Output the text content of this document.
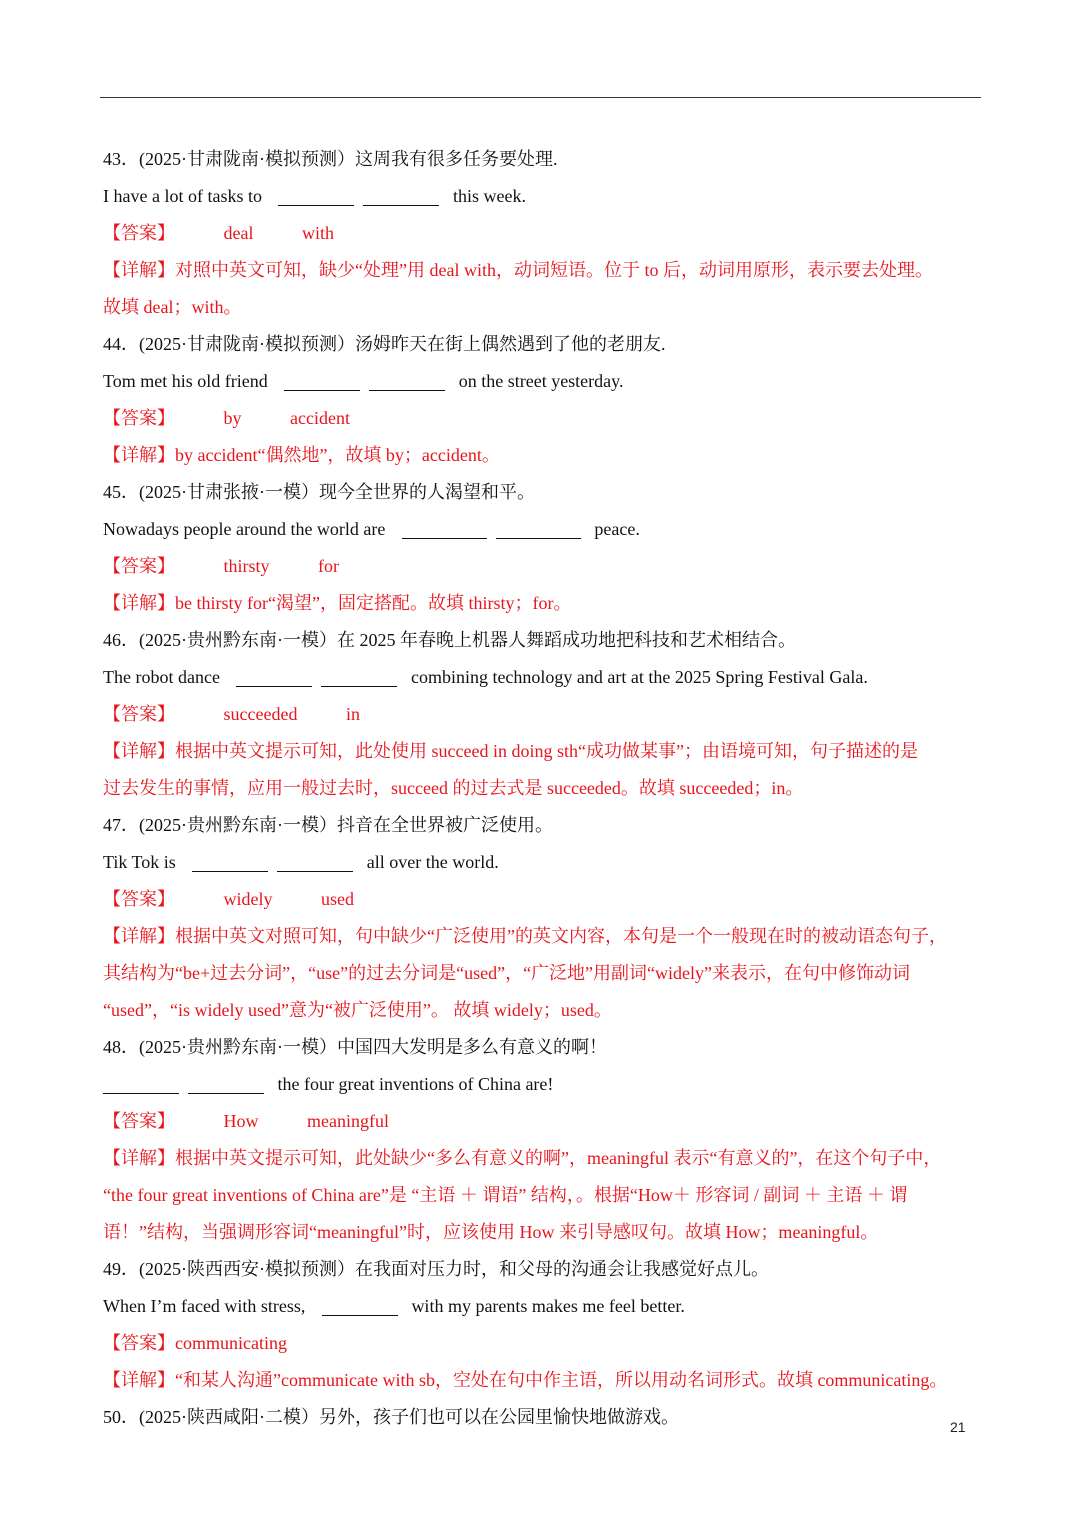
43．(2025·甘肃陇南·模拟预测）这周我有很多任务要处理.
I have a lot of tasks to	this week.
【答案】	deal	with
【详解】对照中英文可知，缺少“处理”用 deal with，动词短语。位于 to 后，动词用原形，表示要去处理。
故填 deal；with。
44．(2025·甘肃陇南·模拟预测）汤姆昨天在街上偶然遇到了他的老朋友.
Tom met his old friend	on the street yesterday.
【答案】	by	accident
【详解】by accident“偶然地”，故填 by；accident。
45．(2025·甘肃张掖·一模）现今全世界的人渴望和平。
Nowadays people around the world are	peace.
【答案】	thirsty	for
【详解】be thirsty for“渴望”，固定搭配。故填 thirsty；for。
46．(2025·贵州黔东南·一模）在 2025 年春晚上机器人舞蹈成功地把科技和艺术相结合。
The robot dance	combining technology and art at the 2025 Spring Festival Gala.
【答案】	succeeded	in
【详解】根据中英文提示可知，此处使用 succeed in doing sth“成功做某事”；由语境可知，句子描述的是
过去发生的事情，应用一般过去时，succeed 的过去式是 succeeded。故填 succeeded；in。
47．(2025·贵州黔东南·一模）抖音在全世界被广泛使用。
Tik Tok is	all over the world.
【答案】	widely	used
【详解】根据中英文对照可知，句中缺少“广泛使用”的英文内容，本句是一个一般现在时的被动语态句子，
其结构为“be+过去分词”，“use”的过去分词是“used”，“广泛地”用副词“widely”来表示，在句中修饰动词
“used”，“is widely used”意为“被广泛使用”。 故填 widely；used。
48．(2025·贵州黔东南·一模）中国四大发明是多么有意义的啊！
the four great inventions of China are!
【答案】	How	meaningful
【详解】根据中英文提示可知，此处缺少“多么有意义的啊”，meaningful 表示“有意义的”，在这个句子中，
“the four great inventions of China are”是 “主语 ＋ 谓语” 结构，。根据“How＋ 形容词 / 副词 ＋ 主语 ＋ 谓
语！”结构，当强调形容词“meaningful”时，应该使用 How 来引导感叹句。故填 How；meaningful。
49．(2025·陕西西安·模拟预测）在我面对压力时，和父母的沟通会让我感觉好点儿。
When I’m faced with stress,	with my parents makes me feel better.
【答案】communicating
【详解】“和某人沟通”communicate with sb，空处在句中作主语，所以用动名词形式。故填 communicating。
50．(2025·陕西咸阳·二模）另外，孩子们也可以在公园里愉快地做游戏。	21
